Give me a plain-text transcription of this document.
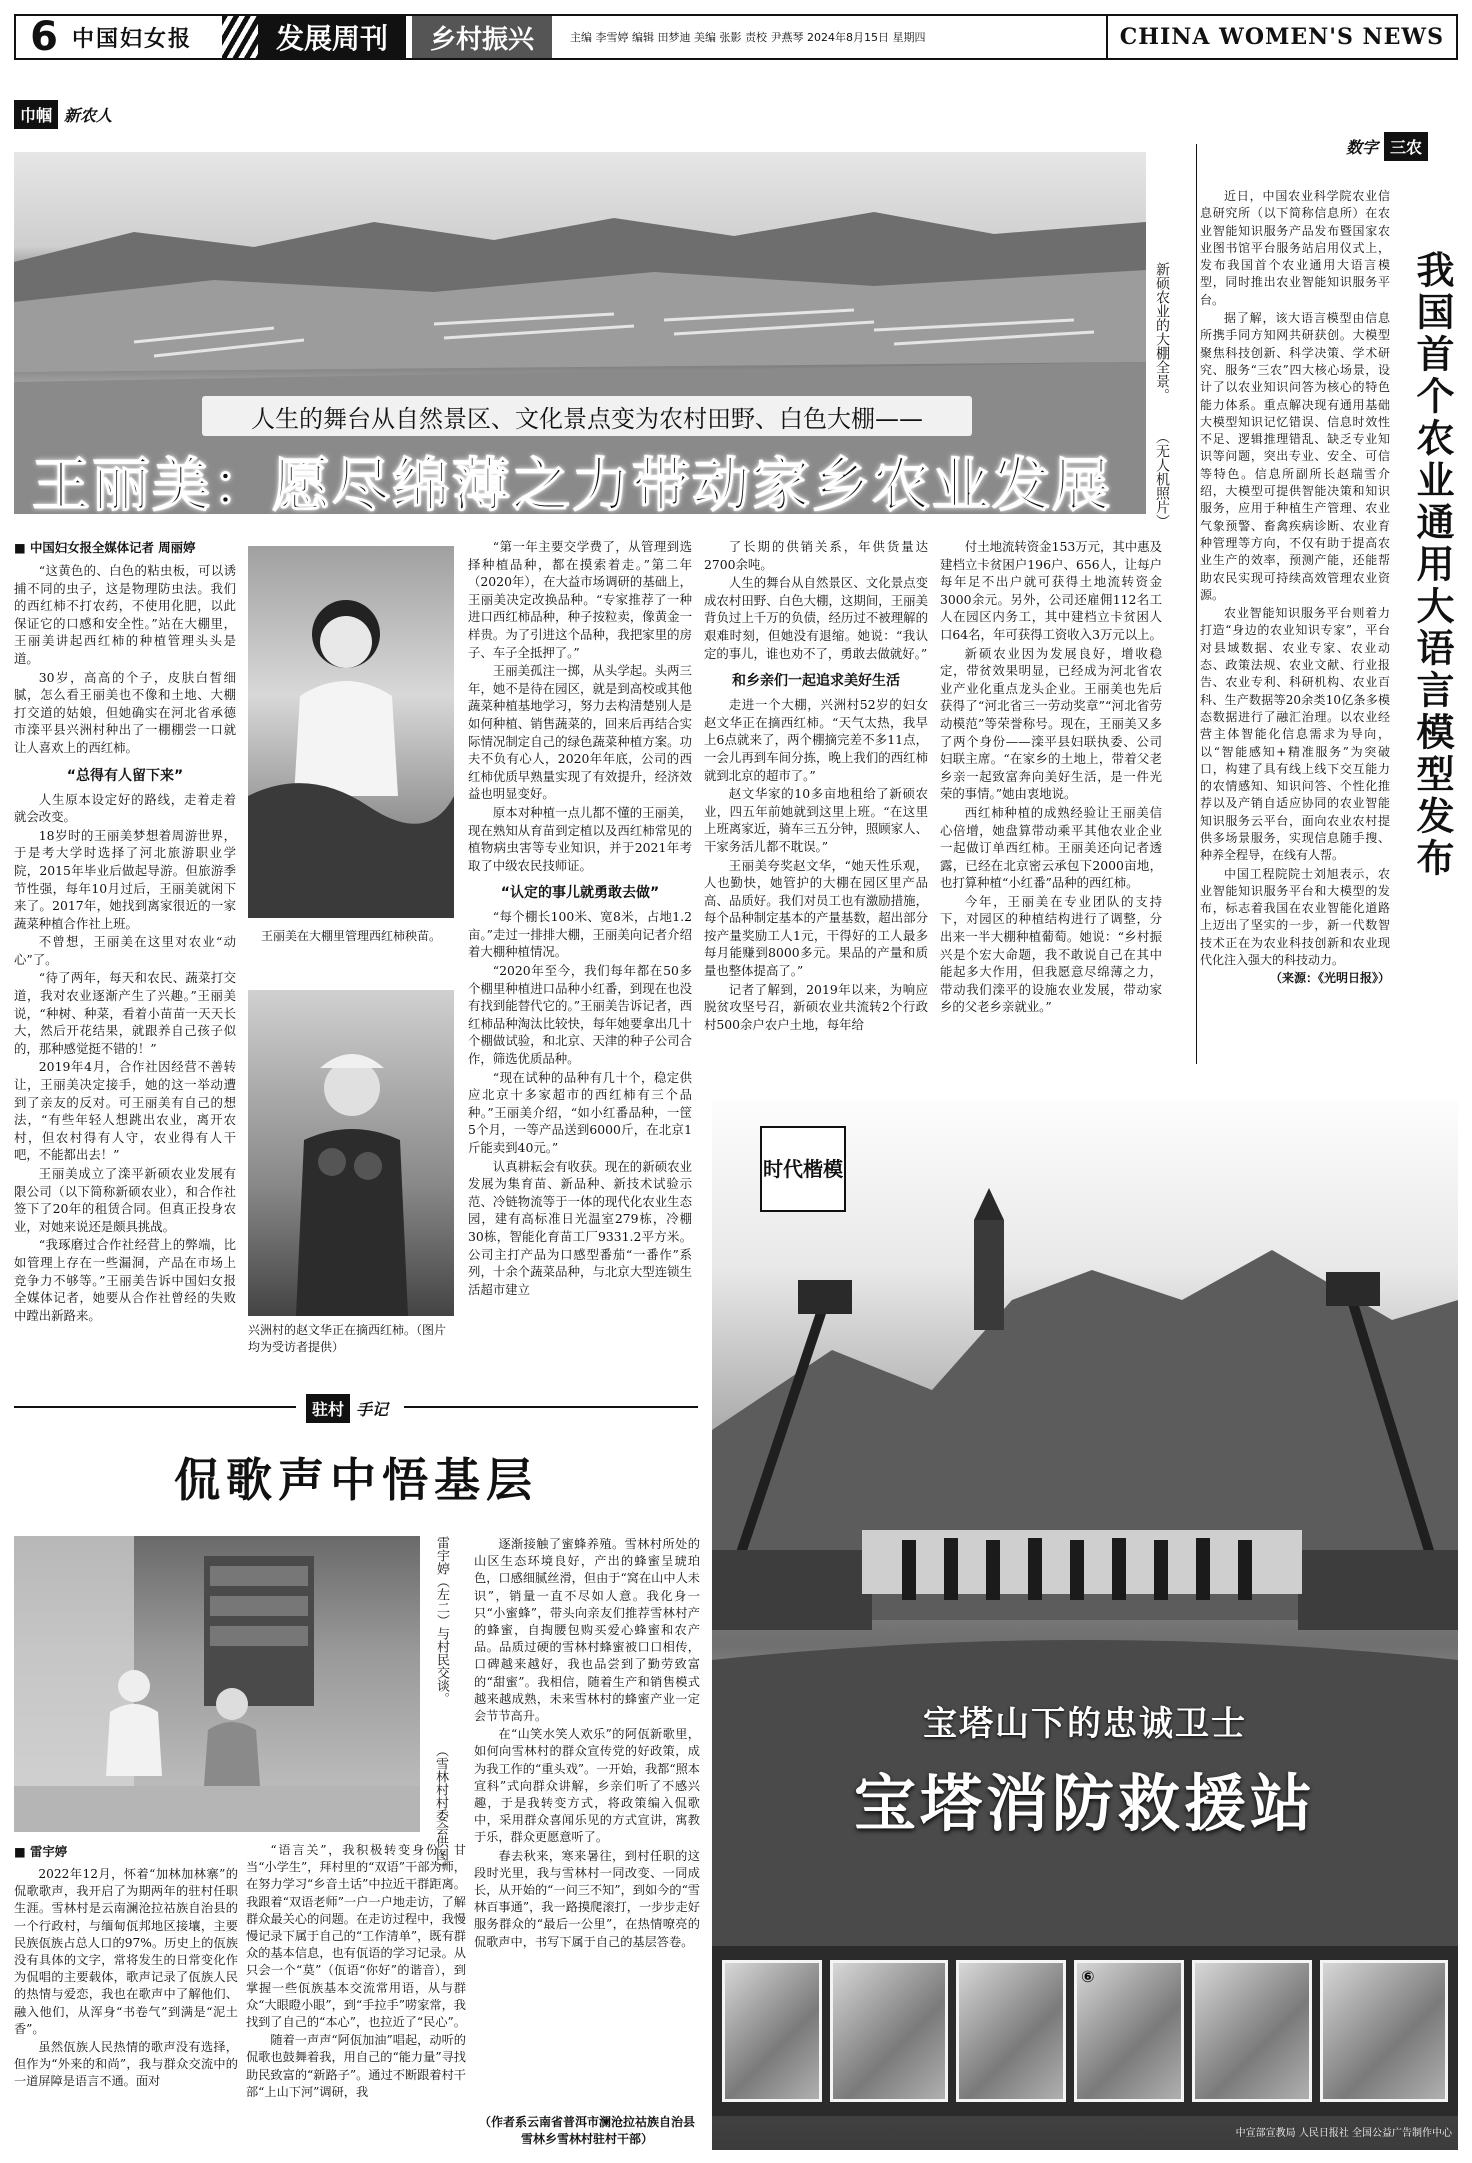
6 中国妇女报	发展周刊	乡村振兴	主编 李雪婷 编辑 田梦迪 美编 张影 责校 尹燕琴 2024年8月15日 星期四	CHINA WOMEN'S NEWS
巾帼 新农人
人生的舞台从自然景区、文化景点变为农村田野、白色大棚——
王丽美：愿尽绵薄之力带动家乡农业发展
新硕农业的大棚全景。
（无人机照片）

■ 中国妇女报全媒体记者 周丽婷

“这黄色的、白色的粘虫板，可以诱捕不同的虫子，这是物理防虫法。我们的西红柿不打农药，不使用化肥，以此保证它的口感和安全性。”站在大棚里，王丽美讲起西红柿的种植管理头头是道。

30岁，高高的个子，皮肤白皙细腻，怎么看王丽美也不像和土地、大棚打交道的姑娘，但她确实在河北省承德市滦平县兴洲村种出了一棚棚尝一口就让人喜欢上的西红柿。

“总得有人留下来”

人生原本设定好的路线，走着走着就会改变。

18岁时的王丽美梦想着周游世界，于是考大学时选择了河北旅游职业学院，2015年毕业后做起导游。但旅游季节性强，每年10月过后，王丽美就闲下来了。2017年，她找到离家很近的一家蔬菜种植合作社上班。

不曾想，王丽美在这里对农业“动心”了。

“待了两年，每天和农民、蔬菜打交道，我对农业逐渐产生了兴趣。”王丽美说，“种树、种菜，看着小苗苗一天天长大，然后开花结果，就跟养自己孩子似的，那种感觉挺不错的！”

2019年4月，合作社因经营不善转让，王丽美决定接手，她的这一举动遭到了亲友的反对。可王丽美有自己的想法，“有些年轻人想跳出农业，离开农村，但农村得有人守，农业得有人干吧，不能都出去！”

王丽美成立了滦平新硕农业发展有限公司（以下简称新硕农业），和合作社签下了20年的租赁合同。但真正投身农业，对她来说还是颇具挑战。

“我琢磨过合作社经营上的弊端，比如管理上存在一些漏洞，产品在市场上竞争力不够等。”王丽美告诉中国妇女报全媒体记者，她要从合作社曾经的失败中蹚出新路来。

王丽美在大棚里管理西红柿秧苗。
兴洲村的赵文华正在摘西红柿。（图片均为受访者提供）

“第一年主要交学费了，从管理到选择种植品种，都在摸索着走。”第二年（2020年），在大益市场调研的基础上，王丽美决定改换品种。“专家推荐了一种进口西红柿品种，种子按粒卖，像黄金一样贵。为了引进这个品种，我把家里的房子、车子全抵押了。”

王丽美孤注一掷，从头学起。头两三年，她不是待在园区，就是到高校或其他蔬菜种植基地学习，努力去构清楚别人是如何种植、销售蔬菜的，回来后再结合实际情况制定自己的绿色蔬菜种植方案。功夫不负有心人，2020年年底，公司的西红柿优质早熟量实现了有效提升，经济效益也明显变好。

原本对种植一点儿都不懂的王丽美，现在熟知从育苗到定植以及西红柿常见的植物病虫害等专业知识，并于2021年考取了中级农民技师证。

“认定的事儿就勇敢去做”

“每个棚长100米、宽8米，占地1.2亩。”走过一排排大棚，王丽美向记者介绍着大棚种植情况。

“2020年至今，我们每年都在50多个棚里种植进口品种小红番，到现在也没有找到能替代它的。”王丽美告诉记者，西红柿品种淘汰比较快，每年她要拿出几十个棚做试验，和北京、天津的种子公司合作，筛选优质品种。

“现在试种的品种有几十个，稳定供应北京十多家超市的西红柿有三个品种。”王丽美介绍，“如小红番品种，一筐5个月，一等产品送到6000斤，在北京1斤能卖到40元。”

认真耕耘会有收获。现在的新硕农业发展为集育苗、新品种、新技术试验示范、冷链物流等于一体的现代化农业生态园，建有高标准日光温室279栋，冷棚30栋，智能化育苗工厂9331.2平方米。公司主打产品为口感型番茄“一番作”系列，十余个蔬菜品种，与北京大型连锁生活超市建立

了长期的供销关系，年供货量达2700余吨。

人生的舞台从自然景区、文化景点变成农村田野、白色大棚，这期间，王丽美背负过上千万的负债，经历过不被理解的艰难时刻，但她没有退缩。她说：“我认定的事儿，谁也劝不了，勇敢去做就好。”

和乡亲们一起追求美好生活

走进一个大棚，兴洲村52岁的妇女赵文华正在摘西红柿。“天气太热，我早上6点就来了，两个棚摘完差不多11点，一会儿再到车间分拣，晚上我们的西红柿就到北京的超市了。”

赵文华家的10多亩地租给了新硕农业，四五年前她就到这里上班。“在这里上班离家近，骑车三五分钟，照顾家人、干家务活儿都不耽误。”

王丽美夸奖赵文华，“她天性乐观，人也勤快，她管护的大棚在园区里产品高、品质好。我们对员工也有激励措施，每个品种制定基本的产量基数，超出部分按产量奖励工人1元，干得好的工人最多每月能赚到8000多元。果品的产量和质量也整体提高了。”

记者了解到，2019年以来，为响应脱贫攻坚号召，新硕农业共流转2个行政村500余户农户土地，每年给

付土地流转资金153万元，其中惠及建档立卡贫困户196户、656人，让每户每年足不出户就可获得土地流转资金3000余元。另外，公司还雇佣112名工人在园区内务工，其中建档立卡贫困人口64名，年可获得工资收入3万元以上。

新硕农业因为发展良好，增收稳定，带贫效果明显，已经成为河北省农业产业化重点龙头企业。王丽美也先后获得了“河北省三一劳动奖章”“河北省劳动模范”等荣誉称号。现在，王丽美又多了两个身份——滦平县妇联执委、公司妇联主席。“在家乡的土地上，带着父老乡亲一起致富奔向美好生活，是一件光荣的事情。”她由衷地说。

西红柿种植的成熟经验让王丽美信心倍增，她盘算带动乘平其他农业企业一起做订单西红柿。王丽美还向记者透露，已经在北京密云承包下2000亩地，也打算种植“小红番”品种的西红柿。

今年，王丽美在专业团队的支持下，对园区的种植结构进行了调整，分出来一半大棚种植葡萄。她说：“乡村振兴是个宏大命题，我不敢说自己在其中能起多大作用，但我愿意尽绵薄之力，带动我们滦平的设施农业发展，带动家乡的父老乡亲就业。”

数字 三农
我国首个农业通用大语言模型发布

近日，中国农业科学院农业信息研究所（以下简称信息所）在农业智能知识服务产品发布暨国家农业图书馆平台服务站启用仪式上，发布我国首个农业通用大语言模型，同时推出农业智能知识服务平台。

据了解，该大语言模型由信息所携手同方知网共研获创。大模型聚焦科技创新、科学决策、学术研究、服务“三农”四大核心场景，设计了以农业知识问答为核心的特色能力体系。重点解决现有通用基础大模型知识记忆错误、信息时效性不足、逻辑推理错乱、缺乏专业知识等问题，突出专业、安全、可信等特色。信息所副所长赵瑞雪介绍，大模型可提供智能决策和知识服务，应用于种植生产管理、农业气象预警、畜禽疾病诊断、农业育种管理等方向，不仅有助于提高农业生产的效率，预测产能，还能帮助农民实现可持续高效管理农业资源。

农业智能知识服务平台则着力打造“身边的农业知识专家”，平台对县域数据、农业专家、农业动态、政策法规、农业文献、行业报告、农业专利、科研机构、农业百科、生产数据等20余类10亿条多模态数据进行了融汇治理。以农业经营主体智能化信息需求为导向，以“智能感知+精准服务”为突破口，构建了具有线上线下交互能力的农情感知、知识问答、个性化推荐以及产销自适应协同的农业智能知识服务云平台，面向农业农村提供多场景服务，实现信息随手搜、种养全程导，在线有人帮。

中国工程院院士刘旭表示，农业智能知识服务平台和大模型的发布，标志着我国在农业智能化道路上迈出了坚实的一步，新一代数智技术正在为农业科技创新和农业现代化注入强大的科技动力。

（来源：《光明日报》）

驻村 手记
侃歌声中悟基层
雷宇婷（左二）与村民交谈。
（雪林村村委会供图）

■ 雷宇婷

2022年12月，怀着“加林加林寨”的侃歌歌声，我开启了为期两年的驻村任职生涯。雪林村是云南澜沧拉祜族自治县的一个行政村，与缅甸佤邦地区接壤，主要民族佤族占总人口的97%。历史上的佤族没有具体的文字，常将发生的日常变化作为侃唱的主要载体，歌声记录了佤族人民的热情与爱恋，我也在歌声中了解他们、融入他们，从浑身“书卷气”到满是“泥土香”。

虽然佤族人民热情的歌声没有选择，但作为“外来的和尚”，我与群众交流中的一道屏障是语言不通。面对

“语言关”，我积极转变身份，甘当“小学生”，拜村里的“双语”干部为师，在努力学习“乡音土话”中拉近干群距离。我跟着“双语老师”一户一户地走访，了解群众最关心的问题。在走访过程中，我慢慢记录下属于自己的“工作清单”，既有群众的基本信息，也有佤语的学习记录。从只会一个“莫”（佤语“你好”的谐音），到掌握一些佤族基本交流常用语，从与群众“大眼瞪小眼”，到“手拉手”唠家常，我找到了自己的“本心”，也拉近了“民心”。

随着一声声“阿佤加油”唱起，动听的侃歌也鼓舞着我，用自己的“能力量”寻找助民致富的“新路子”。通过不断跟着村干部“上山下河”调研，我

逐渐接触了蜜蜂养殖。雪林村所处的山区生态环境良好，产出的蜂蜜呈琥珀色，口感细腻丝滑，但由于“窝在山中人未识”，销量一直不尽如人意。我化身一只“小蜜蜂”，带头向亲友们推荐雪林村产的蜂蜜，自掏腰包购买爱心蜂蜜和农产品。品质过硬的雪林村蜂蜜被口口相传，口碑越来越好，我也品尝到了勤劳致富的“甜蜜”。我相信，随着生产和销售模式越来越成熟，未来雪林村的蜂蜜产业一定会节节高升。

在“山笑水笑人欢乐”的阿佤新歌里，如何向雪林村的群众宣传党的好政策，成为我工作的“重头戏”。一开始，我都“照本宣科”式向群众讲解，乡亲们听了不感兴趣，于是我转变方式，将政策编入侃歌中，采用群众喜闻乐见的方式宣讲，寓教于乐，群众更愿意听了。

春去秋来，寒来暑往，到村任职的这段时光里，我与雪林村一同改变、一同成长，从开始的“一问三不知”，到如今的“雪林百事通”，我一路摸爬滚打，一步步走好服务群众的“最后一公里”，在热情嘹亮的侃歌声中，书写下属于自己的基层答卷。

（作者系云南省普洱市澜沧拉祜族自治县雪林乡雪林村驻村干部）
时代楷模
宝塔山下的忠诚卫士
宝塔消防救援站
⑥
中宣部宣教局 人民日报社 全国公益广告制作中心
